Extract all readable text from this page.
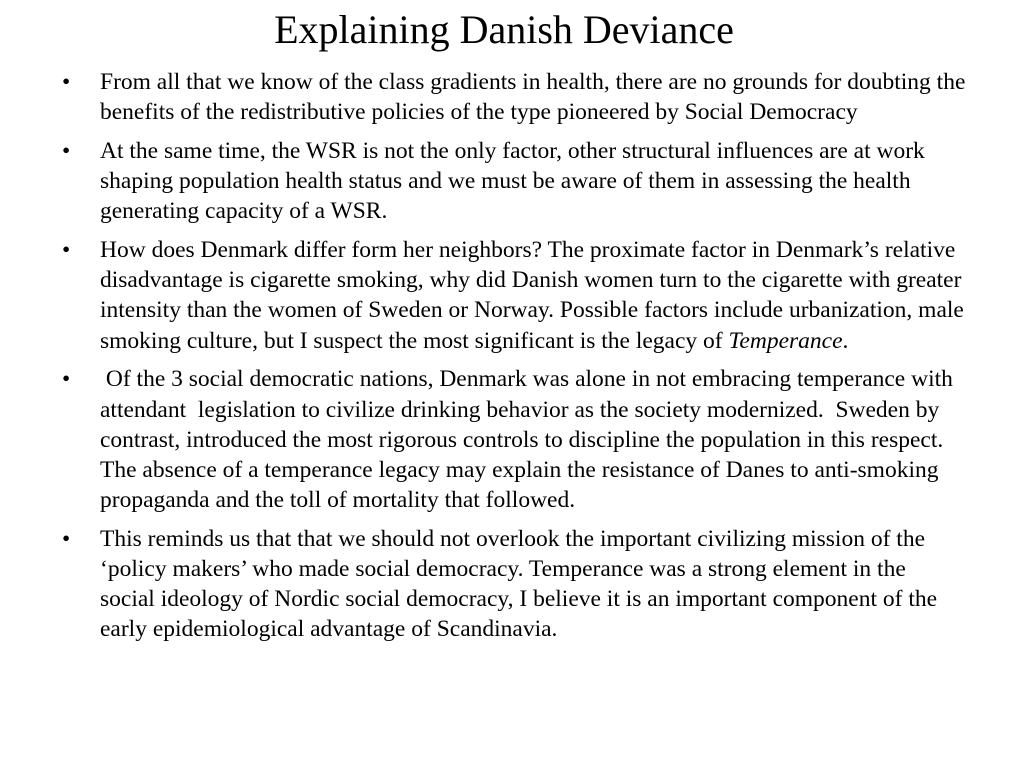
Explaining Danish Deviance
• From all that we know of the class gradients in health, there are no grounds for doubting the benefits of the redistributive policies of the type pioneered by Social Democracy
• At the same time, the WSR is not the only factor, other structural influences are at work shaping population health status and we must be aware of them in assessing the health generating capacity of a WSR.
• How does Denmark differ form her neighbors? The proximate factor in Denmark’s relative disadvantage is cigarette smoking, why did Danish women turn to the cigarette with greater intensity than the women of Sweden or Norway. Possible factors include urbanization, male smoking culture, but I suspect the most significant is the legacy of Temperance.
• Of the 3 social democratic nations, Denmark was alone in not embracing temperance with attendant  legislation to civilize drinking behavior as the society modernized.  Sweden by contrast, introduced the most rigorous controls to discipline the population in this respect. The absence of a temperance legacy may explain the resistance of Danes to anti-smoking propaganda and the toll of mortality that followed.
• This reminds us that that we should not overlook the important civilizing mission of the ‘policy makers’ who made social democracy. Temperance was a strong element in the social ideology of Nordic social democracy, I believe it is an important component of the early epidemiological advantage of Scandinavia.
